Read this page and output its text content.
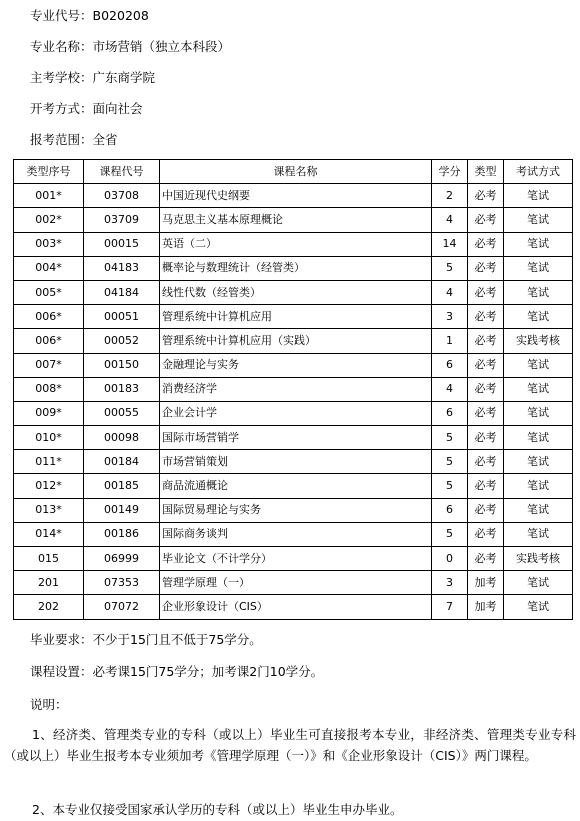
专业代号：B020208
专业名称：市场营销（独立本科段）
主考学校：广东商学院
开考方式：面向社会
报考范围：全省
类型序号	课程代号	课程名称	学分	类型	考试方式
001*	03708	中国近现代史纲要	2	必考	笔试
002*	03709	马克思主义基本原理概论	4	必考	笔试
003*	00015	英语（二）	14	必考	笔试
004*	04183	概率论与数理统计（经管类）	5	必考	笔试
005*	04184	线性代数（经管类）	4	必考	笔试
006*	00051	管理系统中计算机应用	3	必考	笔试
006*	00052	管理系统中计算机应用（实践）	1	必考	实践考核
007*	00150	金融理论与实务	6	必考	笔试
008*	00183	消费经济学	4	必考	笔试
009*	00055	企业会计学	6	必考	笔试
010*	00098	国际市场营销学	5	必考	笔试
011*	00184	市场营销策划	5	必考	笔试
012*	00185	商品流通概论	5	必考	笔试
013*	00149	国际贸易理论与实务	6	必考	笔试
014*	00186	国际商务谈判	5	必考	笔试
015	06999	毕业论文（不计学分）	0	必考	实践考核
201	07353	管理学原理（一）	3	加考	笔试
202	07072	企业形象设计（CIS）	7	加考	笔试
毕业要求：不少于15门且不低于75学分。
课程设置：必考课15门75学分；加考课2门10学分。
说明：
1、经济类、管理类专业的专科（或以上）毕业生可直接报考本专业，非经济类、管理类专业专科（或以上）毕业生报考本专业须加考《管理学原理（一）》和《企业形象设计（CIS）》两门课程。
2、本专业仅接受国家承认学历的专科（或以上）毕业生申办毕业。
